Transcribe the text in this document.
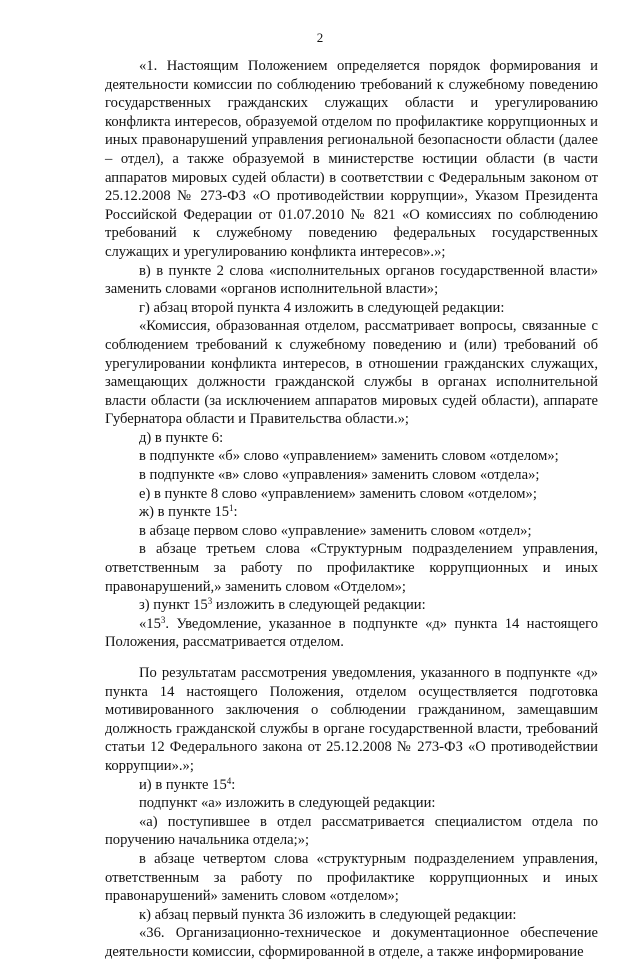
2

«1. Настоящим Положением определяется порядок формирования и деятельности комиссии по соблюдению требований к служебному поведению государственных гражданских служащих области и урегулированию конфликта интересов, образуемой отделом по профилактике коррупционных и иных правонарушений управления региональной безопасности области (далее – отдел), а также образуемой в министерстве юстиции области (в части аппаратов мировых судей области) в соответствии с Федеральным законом от 25.12.2008 № 273-ФЗ «О противодействии коррупции», Указом Президента Российской Федерации от 01.07.2010 № 821 «О комиссиях по соблюдению требований к служебному поведению федеральных государственных служащих и урегулированию конфликта интересов».»;

в) в пункте 2 слова «исполнительных органов государственной власти» заменить словами «органов исполнительной власти»;

г) абзац второй пункта 4 изложить в следующей редакции:

«Комиссия, образованная отделом, рассматривает вопросы, связанные с соблюдением требований к служебному поведению и (или) требований об урегулировании конфликта интересов, в отношении гражданских служащих, замещающих должности гражданской службы в органах исполнительной власти области (за исключением аппаратов мировых судей области), аппарате Губернатора области и Правительства области.»;

д) в пункте 6:

в подпункте «б» слово «управлением» заменить словом «отделом»;

в подпункте «в» слово «управления» заменить словом «отдела»;

е) в пункте 8 слово «управлением» заменить словом «отделом»;

ж) в пункте $15^1$:

в абзаце первом слово «управление» заменить словом «отдел»;

в абзаце третьем слова «Структурным подразделением управления, ответственным за работу по профилактике коррупционных и иных правонарушений,» заменить словом «Отделом»;

з) пункт $15^3$ изложить в следующей редакции:

«$15^3$. Уведомление, указанное в подпункте «д» пункта 14 настоящего Положения, рассматривается отделом.

По результатам рассмотрения уведомления, указанного в подпункте «д» пункта 14 настоящего Положения, отделом осуществляется подготовка мотивированного заключения о соблюдении гражданином, замещавшим должность гражданской службы в органе государственной власти, требований статьи 12 Федерального закона от 25.12.2008 № 273-ФЗ «О противодействии коррупции».»;

и) в пункте $15^4$:

подпункт «а» изложить в следующей редакции:

«а) поступившее в отдел рассматривается специалистом отдела по поручению начальника отдела;»;

в абзаце четвертом слова «структурным подразделением управления, ответственным за работу по профилактике коррупционных и иных правонарушений» заменить словом «отделом»;

к) абзац первый пункта 36 изложить в следующей редакции:

«36. Организационно-техническое и документационное обеспечение деятельности комиссии, сформированной в отделе, а также информирование
